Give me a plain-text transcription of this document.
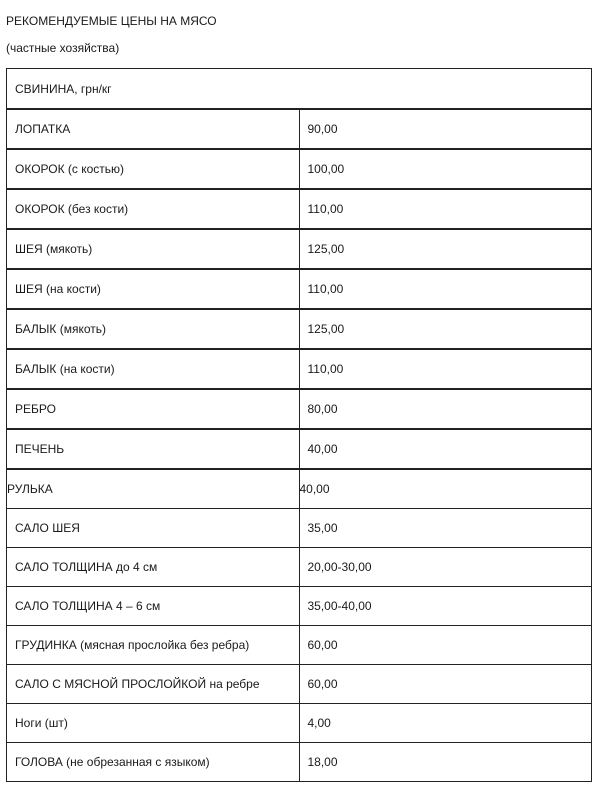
РЕКОМЕНДУЕМЫЕ ЦЕНЫ НА МЯСО
(частные хозяйства)
СВИНИНА, грн/кг	
ЛОПАТКА	90,00
ОКОРОК (с костью)	100,00
ОКОРОК (без кости)	110,00
ШЕЯ (мякоть)	125,00
ШЕЯ (на кости)	110,00
БАЛЫК (мякоть)	125,00
БАЛЫК (на кости)	110,00
РЕБРО	80,00
ПЕЧЕНЬ	40,00
РУЛЬКА	40,00
САЛО ШЕЯ	35,00
САЛО ТОЛЩИНА до 4 см	20,00-30,00
САЛО ТОЛЩИНА 4 – 6 см	35,00-40,00
ГРУДИНКА (мясная прослойка без ребра)	60,00
САЛО С МЯСНОЙ ПРОСЛОЙКОЙ на ребре	60,00
Ноги (шт)	4,00
ГОЛОВА (не обрезанная с языком)	18,00
